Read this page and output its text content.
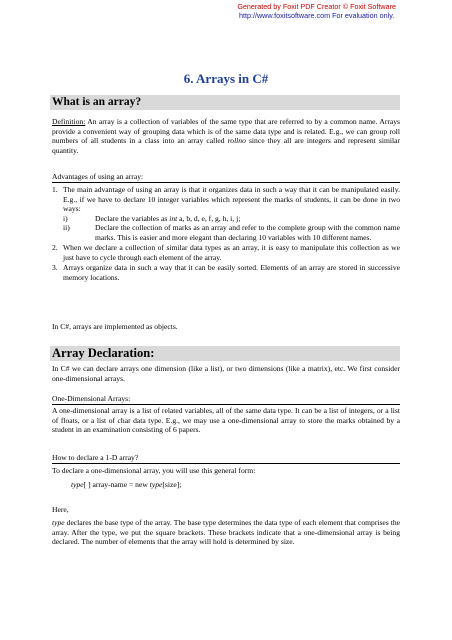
Generated by Foxit PDF Creator © Foxit Software
http://www.foxitsoftware.com For evaluation only.
6. Arrays in C#
What is an array?
Definition: An array is a collection of variables of the same type that are referred to by a common name. Arrays provide a convenient way of grouping data which is of the same data type and is related. E.g., we can group roll numbers of all students in a class into an array called rollno since they all are integers and represent similar quantity.
Advantages of using an array:
1. The main advantage of using an array is that it organizes data in such a way that it can be manipulated easily. E.g., if we have to declare 10 integer variables which represent the marks of students, it can be done in two ways:
i)	Declare the variables as int a, b, d, e, f, g, h, i, j;
ii)	Declare the collection of marks as an array and refer to the complete group with the common name marks. This is easier and more elegant than declaring 10 variables with 10 different names.
2. When we declare a collection of similar data types as an array, it is easy to manipulate this collection as we just have to cycle through each element of the array.
3. Arrays organize data in such a way that it can be easily sorted. Elements of an array are stored in successive memory locations.
In C#, arrays are implemented as objects.
Array Declaration:
In C# we can declare arrays one dimension (like a list), or two dimensions (like a matrix), etc. We first consider one-dimensional arrays.
One-Dimensional Arrays:
A one-dimensional array is a list of related variables, all of the same data type. It can be a list of integers, or a list of floats, or a list of char data type. E.g., we may use a one-dimensional array to store the marks obtained by a student in an examination consisting of 6 papers.
How to declare a 1-D array?
To declare a one-dimensional array, you will use this general form:
type[ ] array-name = new type[size];
Here,
type declares the base type of the array. The base type determines the data type of each element that comprises the array. After the type, we put the square brackets. These brackets indicate that a one-dimensional array is being declared. The number of elements that the array will hold is determined by size.
